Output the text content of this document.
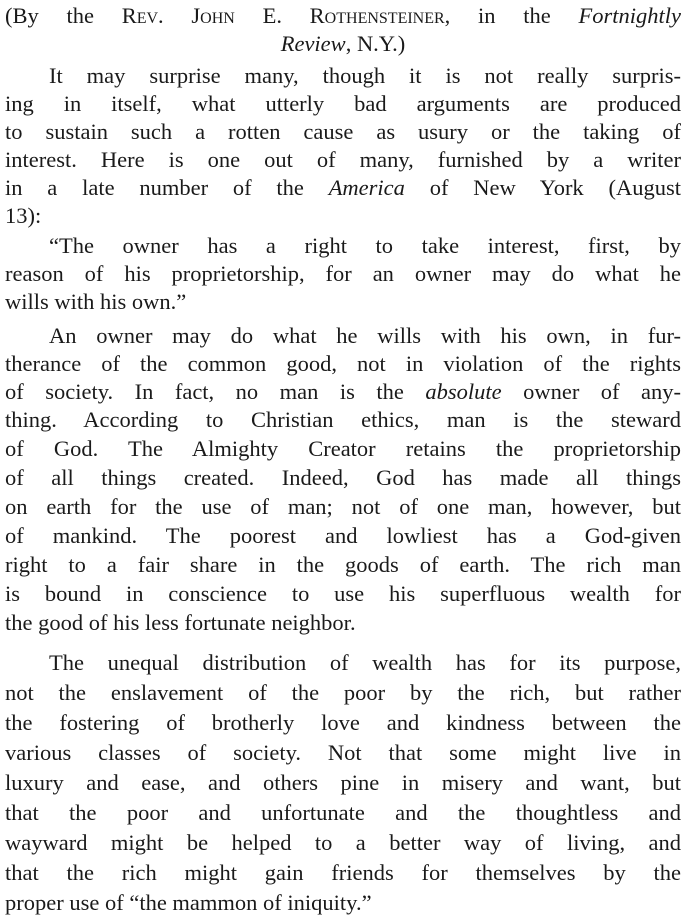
(By the Rev. John E. Rothensteiner, in the Fortnightly
Review, N.Y.)
It may surprise many, though it is not really surpris-
ing in itself, what utterly bad arguments are produced
to sustain such a rotten cause as usury or the taking of
interest. Here is one out of many, furnished by a writer
in a late number of the America of New York (August
13):
“The owner has a right to take interest, first, by
reason of his proprietorship, for an owner may do what he
wills with his own.”
An owner may do what he wills with his own, in fur-
therance of the common good, not in violation of the rights
of society. In fact, no man is the absolute owner of any-
thing. According to Christian ethics, man is the steward
of God. The Almighty Creator retains the proprietorship
of all things created. Indeed, God has made all things
on earth for the use of man; not of one man, however, but
of mankind. The poorest and lowliest has a God-given
right to a fair share in the goods of earth. The rich man
is bound in conscience to use his superfluous wealth for
the good of his less fortunate neighbor.
The unequal distribution of wealth has for its purpose,
not the enslavement of the poor by the rich, but rather
the fostering of brotherly love and kindness between the
various classes of society. Not that some might live in
luxury and ease, and others pine in misery and want, but
that the poor and unfortunate and the thoughtless and
wayward might be helped to a better way of living, and
that the rich might gain friends for themselves by the
proper use of “the mammon of iniquity.”
